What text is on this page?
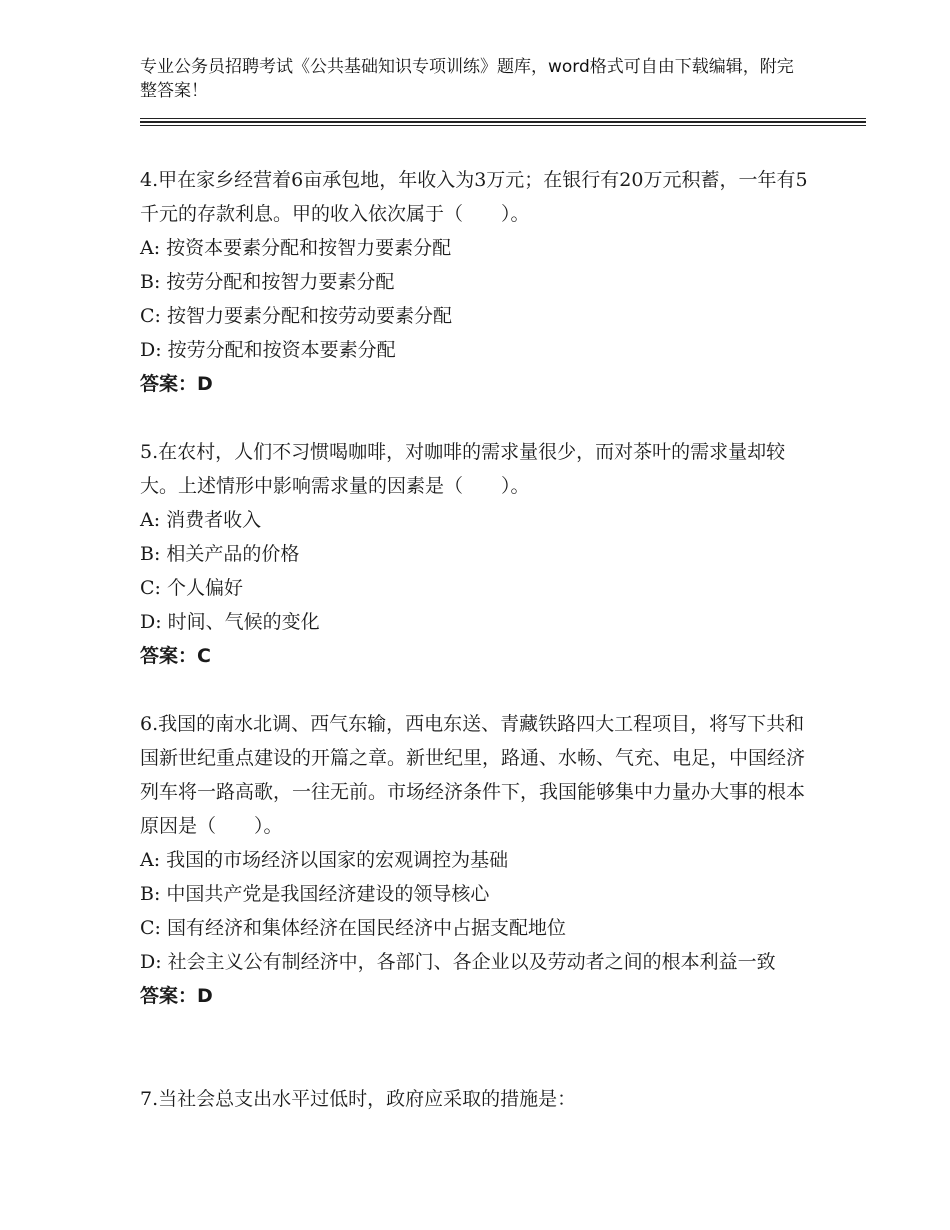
专业公务员招聘考试《公共基础知识专项训练》题库，word格式可自由下载编辑，附完整答案！

4.甲在家乡经营着6亩承包地，年收入为3万元；在银行有20万元积蓄，一年有5千元的存款利息。甲的收入依次属于（　　）。

A: 按资本要素分配和按智力要素分配

B: 按劳分配和按智力要素分配

C: 按智力要素分配和按劳动要素分配

D: 按劳分配和按资本要素分配

答案：D

5.在农村，人们不习惯喝咖啡，对咖啡的需求量很少，而对茶叶的需求量却较大。上述情形中影响需求量的因素是（　　）。

A: 消费者收入

B: 相关产品的价格

C: 个人偏好

D: 时间、气候的变化

答案：C

6.我国的南水北调、西气东输，西电东送、青藏铁路四大工程项目，将写下共和国新世纪重点建设的开篇之章。新世纪里，路通、水畅、气充、电足，中国经济列车将一路高歌，一往无前。市场经济条件下，我国能够集中力量办大事的根本原因是（　　）。

A: 我国的市场经济以国家的宏观调控为基础

B: 中国共产党是我国经济建设的领导核心

C: 国有经济和集体经济在国民经济中占据支配地位

D: 社会主义公有制经济中，各部门、各企业以及劳动者之间的根本利益一致

答案：D

7.当社会总支出水平过低时，政府应采取的措施是：
